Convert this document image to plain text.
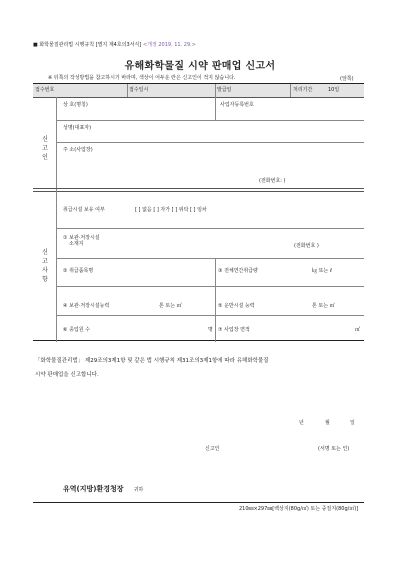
■ 화학물질관리법 시행규칙 [별지 제4호의3서식] <개정 2019. 11. 29.>
유해화학물질 시약 판매업 신고서
※ 뒤쪽의 작성방법을 참고하시기 바라며, 색상이 어두운 란은 신고인이 적지 않습니다.	(앞쪽)
접수번호	접수일시	발급일	처리기간	10일
신
고
인
상 호(명칭)	사업자등록번호
성명(대표자)
주 소(사업장)
(전화번호: )
신
고
사
항
취급시설 보유 여부	[ ] 없음 [ ] 자가 [ ] 위탁 [ ] 임차
① 보관·저장시설
소재지	(전화번호 )
② 취급품목명	③ 전체연간취급량	㎏ 또는 ℓ
④ 보관·저장시설능력	톤 또는 ㎥	⑤ 운반시설 능력	톤 또는 ㎥
⑥ 종업원 수	명 ⑦ 사업장 면적	㎡
「화학물질관리법」 제29조의3제1항 및 같은 법 시행규칙 제31조의3제1항에 따라 유해화학물질
시약 판매업을 신고합니다.
년	월	일
신고인	(서명 또는 인)
유역(지방)환경청장 귀하
210㎜×297㎜[백상지(80g/㎡) 또는 중질지(80g/㎡)]
